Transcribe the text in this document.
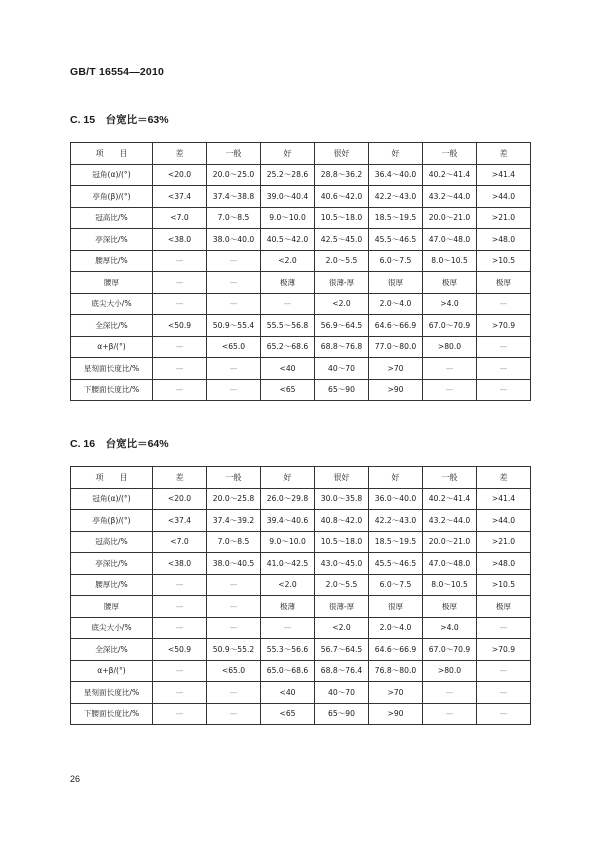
GB/T 16554—2010
C. 15　台宽比＝63%
项　　目	差	一般	好	很好	好	一般	差
冠角(α)/(°)	<20.0	20.0～25.0	25.2～28.6	28.8～36.2	36.4～40.0	40.2～41.4	>41.4
亭角(β)/(°)	<37.4	37.4～38.8	39.0～40.4	40.6～42.0	42.2～43.0	43.2～44.0	>44.0
冠高比/%	<7.0	7.0～8.5	9.0～10.0	10.5～18.0	18.5～19.5	20.0～21.0	>21.0
亭深比/%	<38.0	38.0～40.0	40.5～42.0	42.5～45.0	45.5～46.5	47.0～48.0	>48.0
腰厚比/%	—	—	<2.0	2.0～5.5	6.0～7.5	8.0～10.5	>10.5
腰厚	—	—	极薄	很薄-厚	很厚	极厚	极厚
底尖大小/%	—	—	—	<2.0	2.0～4.0	>4.0	—
全深比/%	<50.9	50.9～55.4	55.5～56.8	56.9～64.5	64.6～66.9	67.0～70.9	>70.9
α+β/(°)	—	<65.0	65.2～68.6	68.8～76.8	77.0～80.0	>80.0	—
星刻面长度比/%	—	—	<40	40～70	>70	—	—
下腰面长度比/%	—	—	<65	65～90	>90	—	—
C. 16　台宽比＝64%
项　　目	差	一般	好	很好	好	一般	差
冠角(α)/(°)	<20.0	20.0～25.8	26.0～29.8	30.0～35.8	36.0～40.0	40.2～41.4	>41.4
亭角(β)/(°)	<37.4	37.4～39.2	39.4～40.6	40.8～42.0	42.2～43.0	43.2～44.0	>44.0
冠高比/%	<7.0	7.0～8.5	9.0～10.0	10.5～18.0	18.5～19.5	20.0～21.0	>21.0
亭深比/%	<38.0	38.0～40.5	41.0～42.5	43.0～45.0	45.5～46.5	47.0～48.0	>48.0
腰厚比/%	—	—	<2.0	2.0～5.5	6.0～7.5	8.0～10.5	>10.5
腰厚	—	—	极薄	很薄-厚	很厚	极厚	极厚
底尖大小/%	—	—	—	<2.0	2.0～4.0	>4.0	—
全深比/%	<50.9	50.9～55.2	55.3～56.6	56.7～64.5	64.6～66.9	67.0～70.9	>70.9
α+β/(°)	—	<65.0	65.0～68.6	68.8～76.4	76.8～80.0	>80.0	—
星刻面长度比/%	—	—	<40	40～70	>70	—	—
下腰面长度比/%	—	—	<65	65～90	>90	—	—
26
